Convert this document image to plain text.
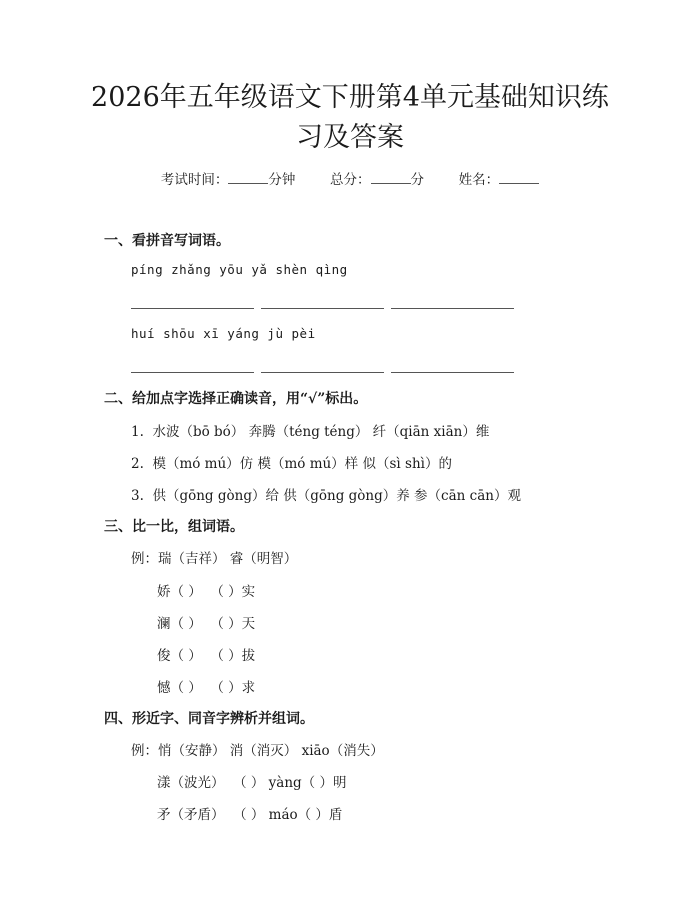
2026年五年级语文下册第4单元基础知识练
习及答案
考试时间：	分钟	总分：	分	姓名：
一、看拼音写词语。
píng zhǎng yōu yǎ shèn qìng
huí shōu xī yáng jù pèi
二、给加点字选择正确读音，用“√”标出。
1.  水波（bō bó） 奔腾（téng téng） 纤（qiān xiān）维
2.  模（mó mú）仿 模（mó mú）样 似（sì shì）的
3.  供（gōng gòng）给 供（gōng gòng）养 参（cān cān）观
三、比一比，组词语。
例：瑞（吉祥） 睿（明智）
娇（ ）  （ ）实
澜（ ）  （ ）天
俊（ ）  （ ）拔
憾（ ）  （ ）求
四、形近字、同音字辨析并组词。
例：悄（安静） 消（消灭） xiāo（消失）
漾（波光）  （ ） yàng（ ）明
矛（矛盾）  （ ） máo（ ）盾
